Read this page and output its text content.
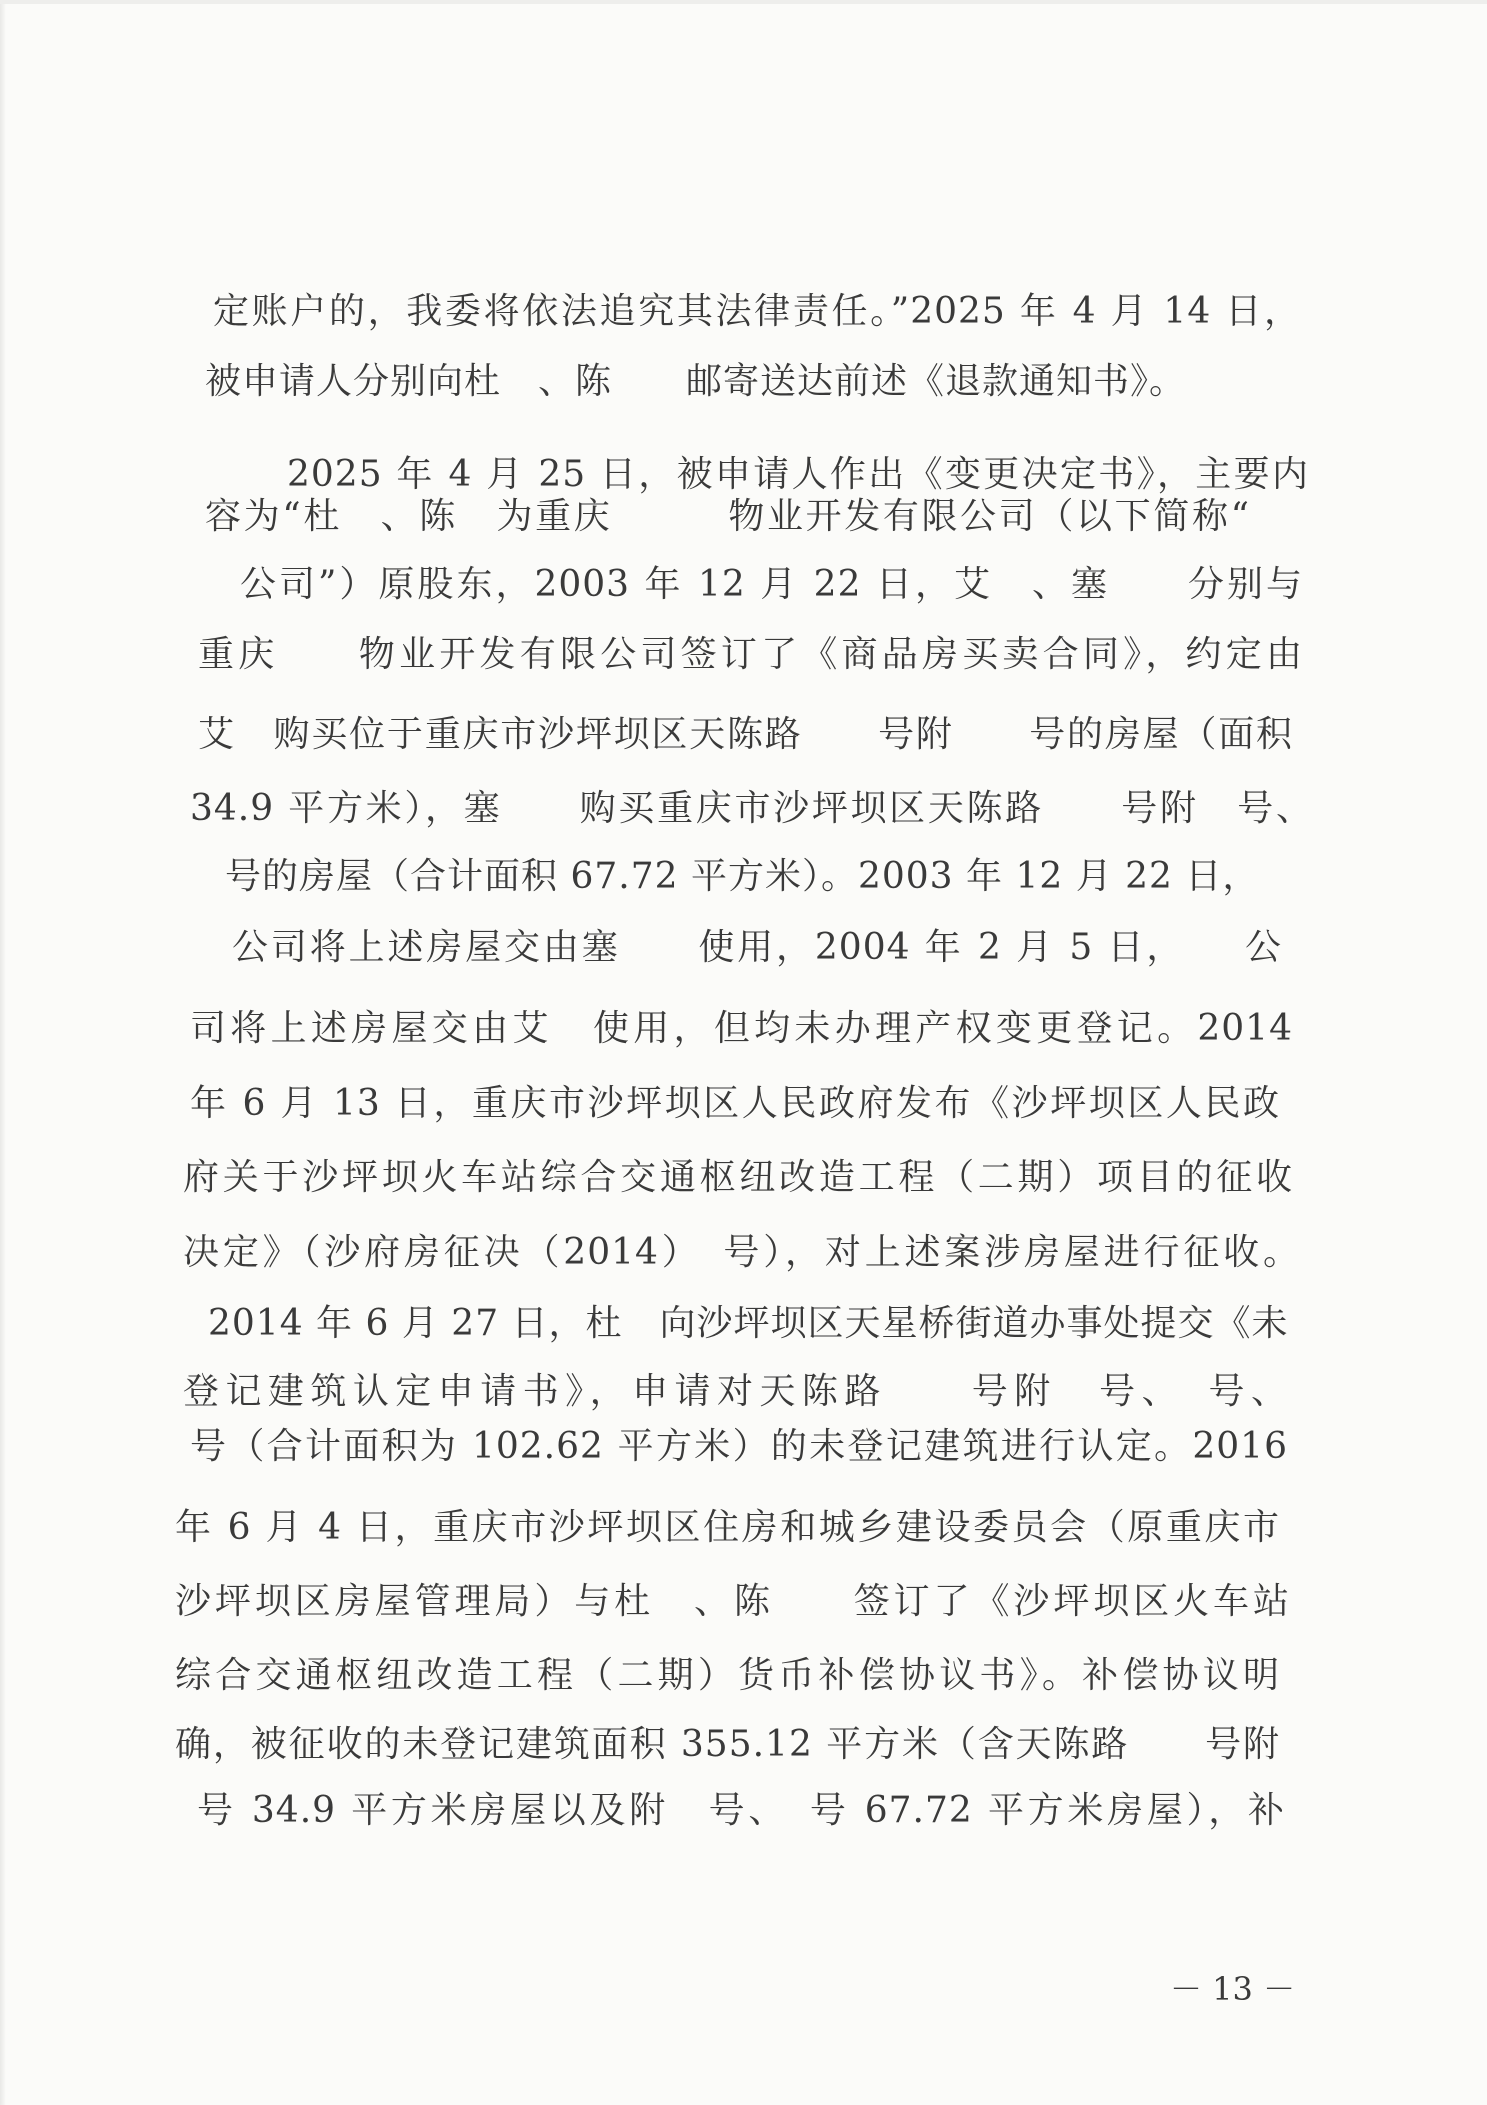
定账户的，我委将依法追究其法律责任。”2025 年 4 月 14 日，

被申请人分别向杜　、陈　　邮寄送达前述《退款通知书》。

2025 年 4 月 25 日，被申请人作出《变更决定书》，主要内

容为“杜　、陈　为重庆　　　物业开发有限公司（以下简称“　

公司”）原股东，2003 年 12 月 22 日，艾　、塞　　分别与

重庆　　物业开发有限公司签订了《商品房买卖合同》，约定由

艾　购买位于重庆市沙坪坝区天陈路　　号附　　号的房屋（面积

34.9 平方米），塞　　购买重庆市沙坪坝区天陈路　　号附　号、

号的房屋（合计面积 67.72 平方米）。2003 年 12 月 22 日，

公司将上述房屋交由塞　　使用，2004 年 2 月 5 日，　　公

司将上述房屋交由艾　使用，但均未办理产权变更登记。2014

年 6 月 13 日，重庆市沙坪坝区人民政府发布《沙坪坝区人民政

府关于沙坪坝火车站综合交通枢纽改造工程（二期）项目的征收

决定》（沙府房征决（2014）　号），对上述案涉房屋进行征收。

2014 年 6 月 27 日，杜　向沙坪坝区天星桥街道办事处提交《未

登记建筑认定申请书》，申请对天陈路　　号附　号、　号、

号（合计面积为 102.62 平方米）的未登记建筑进行认定。2016

年 6 月 4 日，重庆市沙坪坝区住房和城乡建设委员会（原重庆市

沙坪坝区房屋管理局）与杜　、陈　　签订了《沙坪坝区火车站

综合交通枢纽改造工程（二期）货币补偿协议书》。补偿协议明

确，被征收的未登记建筑面积 355.12 平方米（含天陈路　　号附

号 34.9 平方米房屋以及附　号、　号 67.72 平方米房屋），补

－ 13 －
